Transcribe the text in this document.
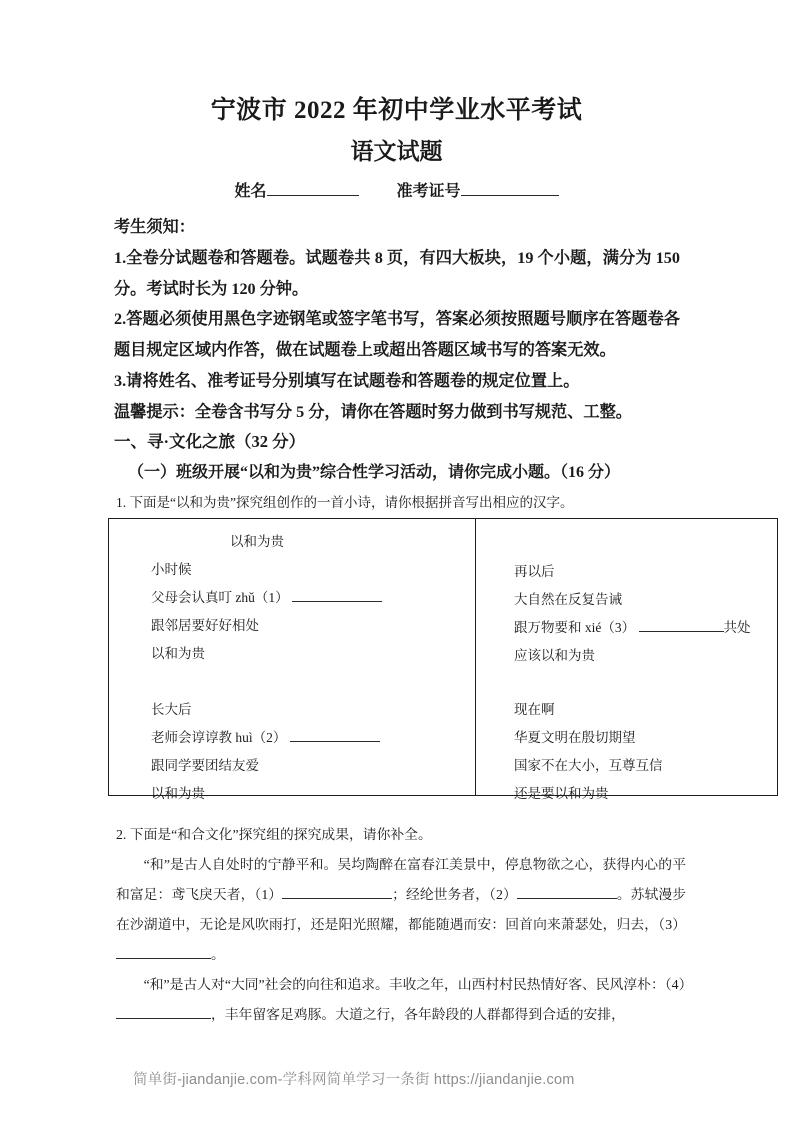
宁波市 2022 年初中学业水平考试
语文试题
姓名	准考证号

考生须知：

1.全卷分试题卷和答题卷。试题卷共 8 页，有四大板块，19 个小题，满分为 150 分。考试时长为 120 分钟。

2.答题必须使用黑色字迹钢笔或签字笔书写，答案必须按照题号顺序在答题卷各题目规定区域内作答，做在试题卷上或超出答题区域书写的答案无效。

3.请将姓名、准考证号分别填写在试题卷和答题卷的规定位置上。

温馨提示：全卷含书写分 5 分，请你在答题时努力做到书写规范、工整。

一、寻·文化之旅（32 分）
（一）班级开展“以和为贵”综合性学习活动，请你完成小题。（16 分）
1. 下面是“以和为贵”探究组创作的一首小诗，请你根据拼音写出相应的汉字。
以和为贵
小时候
父母会认真叮 zhǔ（1）
跟邻居要好好相处
以和为贵
长大后
老师会谆谆教 huì（2）
跟同学要团结友爱
以和为贵
再以后
大自然在反复告诫
跟万物要和 xié（3）	共处
应该以和为贵
现在啊
华夏文明在殷切期望
国家不在大小，互尊互信
还是要以和为贵

2. 下面是“和合文化”探究组的探究成果，请你补全。

“和”是古人自处时的宁静平和。吴均陶醉在富春江美景中，停息物欲之心，获得内心的平和富足：鸢飞戾天者，（1）	；经纶世务者，（2）	。苏轼漫步在沙湖道中，无论是风吹雨打，还是阳光照耀，都能随遇而安：回首向来萧瑟处，归去，（3）。

“和”是古人对“大同”社会的向往和追求。丰收之年，山西村村民热情好客、民风淳朴：（4），丰年留客足鸡豚。大道之行，各年龄段的人群都得到合适的安排，

简单街-jiandanjie.com-学科网简单学习一条街 https://jiandanjie.com
